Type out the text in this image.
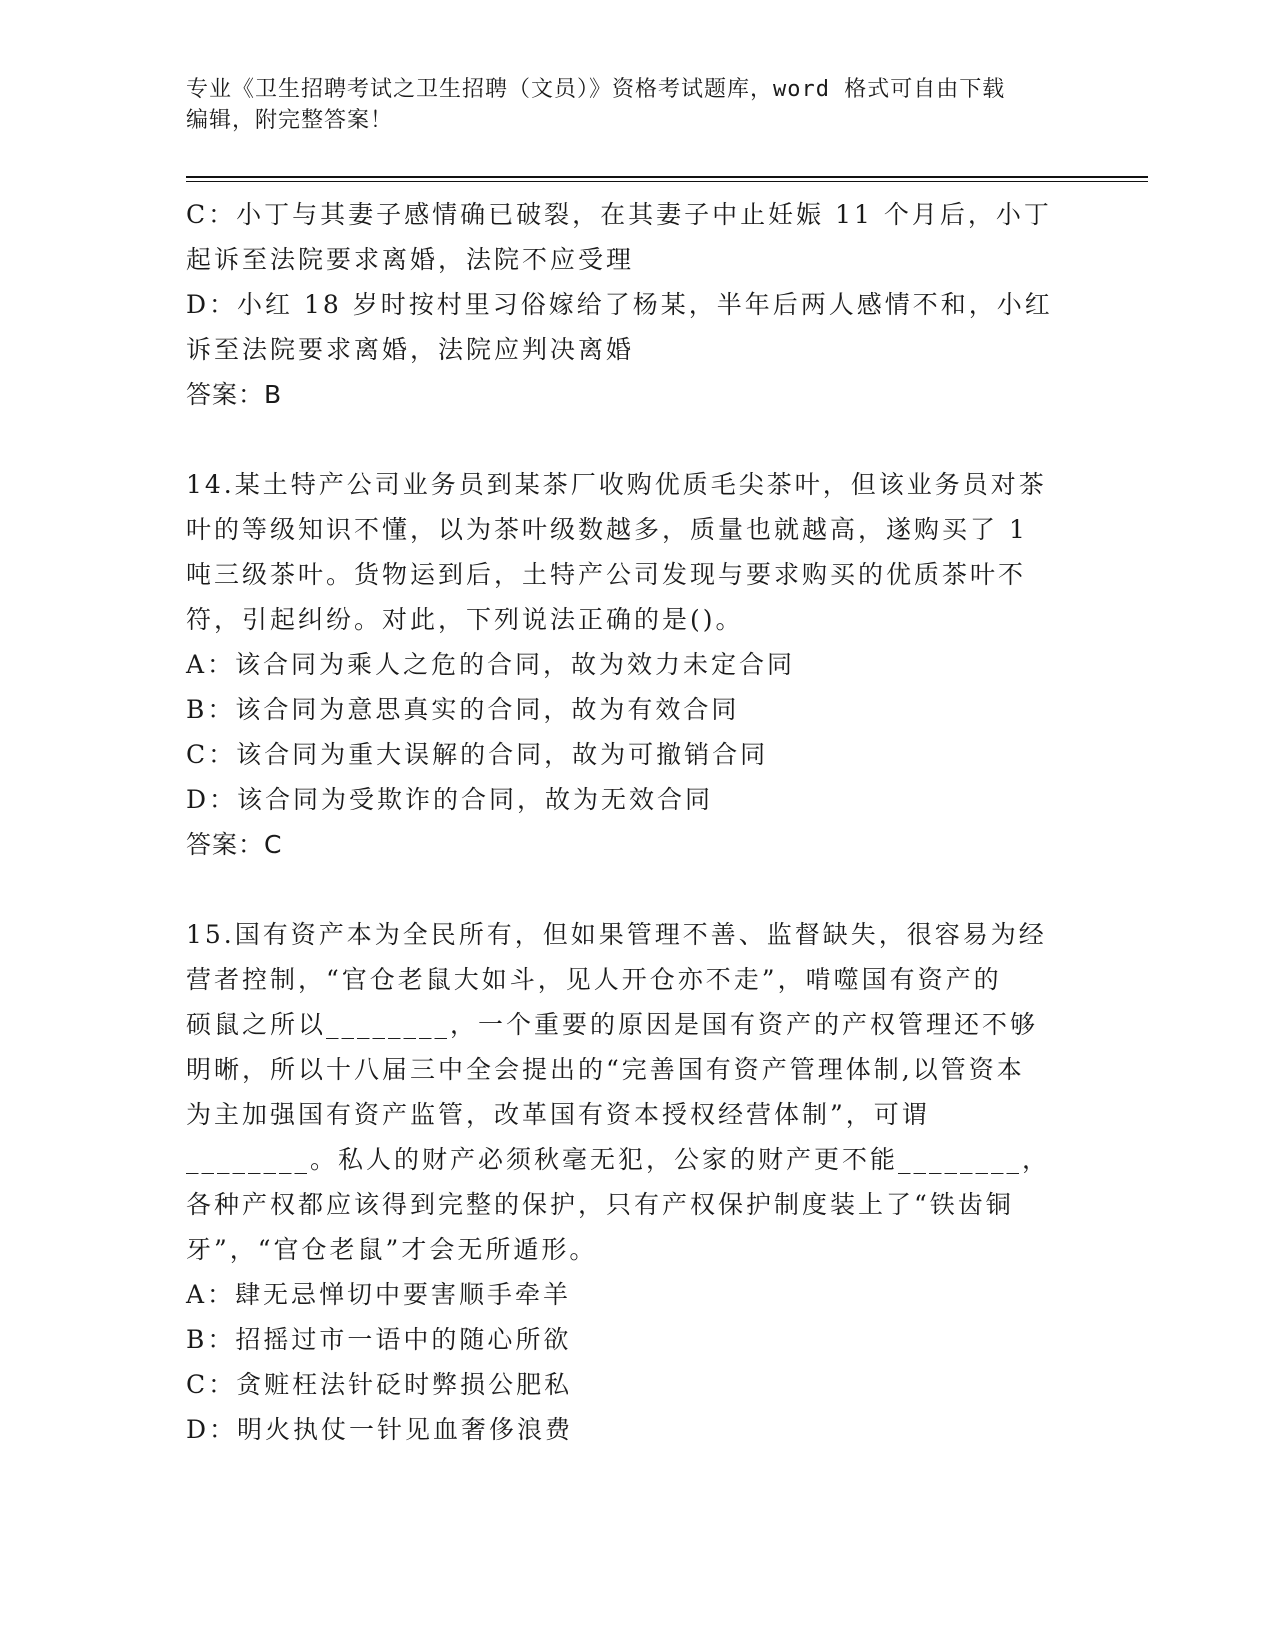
专业《卫生招聘考试之卫生招聘（文员）》资格考试题库，word 格式可自由下载
编辑，附完整答案！
C：小丁与其妻子感情确已破裂，在其妻子中止妊娠 11 个月后，小丁
起诉至法院要求离婚，法院不应受理
D：小红 18 岁时按村里习俗嫁给了杨某，半年后两人感情不和，小红
诉至法院要求离婚，法院应判决离婚
答案：B
14.某土特产公司业务员到某茶厂收购优质毛尖茶叶，但该业务员对茶
叶的等级知识不懂，以为茶叶级数越多，质量也就越高，遂购买了 1
吨三级茶叶。货物运到后，土特产公司发现与要求购买的优质茶叶不
符，引起纠纷。对此，下列说法正确的是()。
A：该合同为乘人之危的合同，故为效力未定合同
B：该合同为意思真实的合同，故为有效合同
C：该合同为重大误解的合同，故为可撤销合同
D：该合同为受欺诈的合同，故为无效合同
答案：C
15.国有资产本为全民所有，但如果管理不善、监督缺失，很容易为经
营者控制，“官仓老鼠大如斗，见人开仓亦不走”，啃噬国有资产的
硕鼠之所以________，一个重要的原因是国有资产的产权管理还不够
明晰，所以十八届三中全会提出的“完善国有资产管理体制,以管资本
为主加强国有资产监管，改革国有资本授权经营体制”，可谓
________。私人的财产必须秋毫无犯，公家的财产更不能________，
各种产权都应该得到完整的保护，只有产权保护制度装上了“铁齿铜
牙”，“官仓老鼠”才会无所遁形。
A：肆无忌惮切中要害顺手牵羊
B：招摇过市一语中的随心所欲
C：贪赃枉法针砭时弊损公肥私
D：明火执仗一针见血奢侈浪费
